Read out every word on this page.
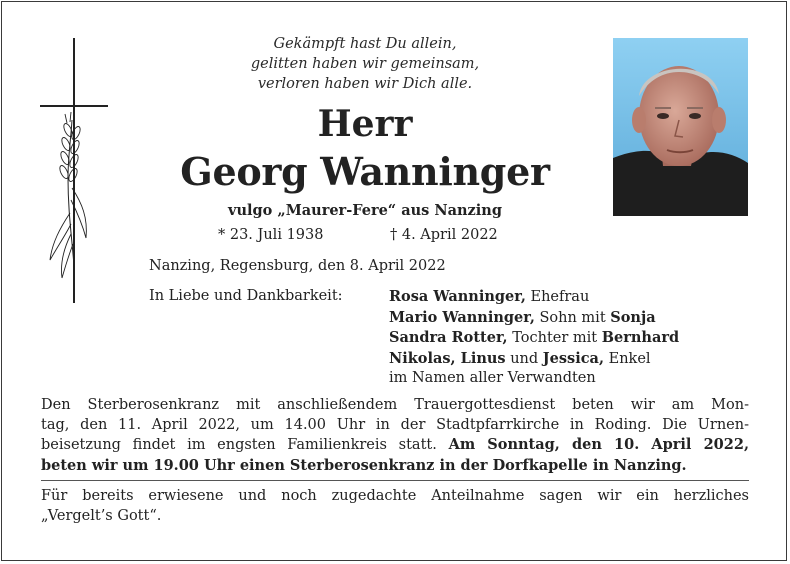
Gekämpft hast Du allein,
gelitten haben wir gemeinsam,
verloren haben wir Dich alle.
Herr
Georg Wanninger
vulgo „Maurer-Fere“ aus Nanzing
* 23. Juli 1938	† 4. April 2022
Nanzing, Regensburg, den 8. April 2022
In Liebe und Dankbarkeit:	Rosa Wanninger, Ehefrau
Mario Wanninger, Sohn mit Sonja
Sandra Rotter, Tochter mit Bernhard
Nikolas, Linus und Jessica, Enkel
im Namen aller Verwandten
Den Sterberosenkranz mit anschließendem Trauergottesdienst beten wir am Mon-
tag, den 11. April 2022, um 14.00 Uhr in der Stadtpfarrkirche in Roding. Die Urnen-
beisetzung findet im engsten Familienkreis statt. Am Sonntag, den 10. April 2022,
beten wir um 19.00 Uhr einen Sterberosenkranz in der Dorfkapelle in Nanzing.
Für bereits erwiesene und noch zugedachte Anteilnahme sagen wir ein herzliches
„Vergelt’s Gott“.
